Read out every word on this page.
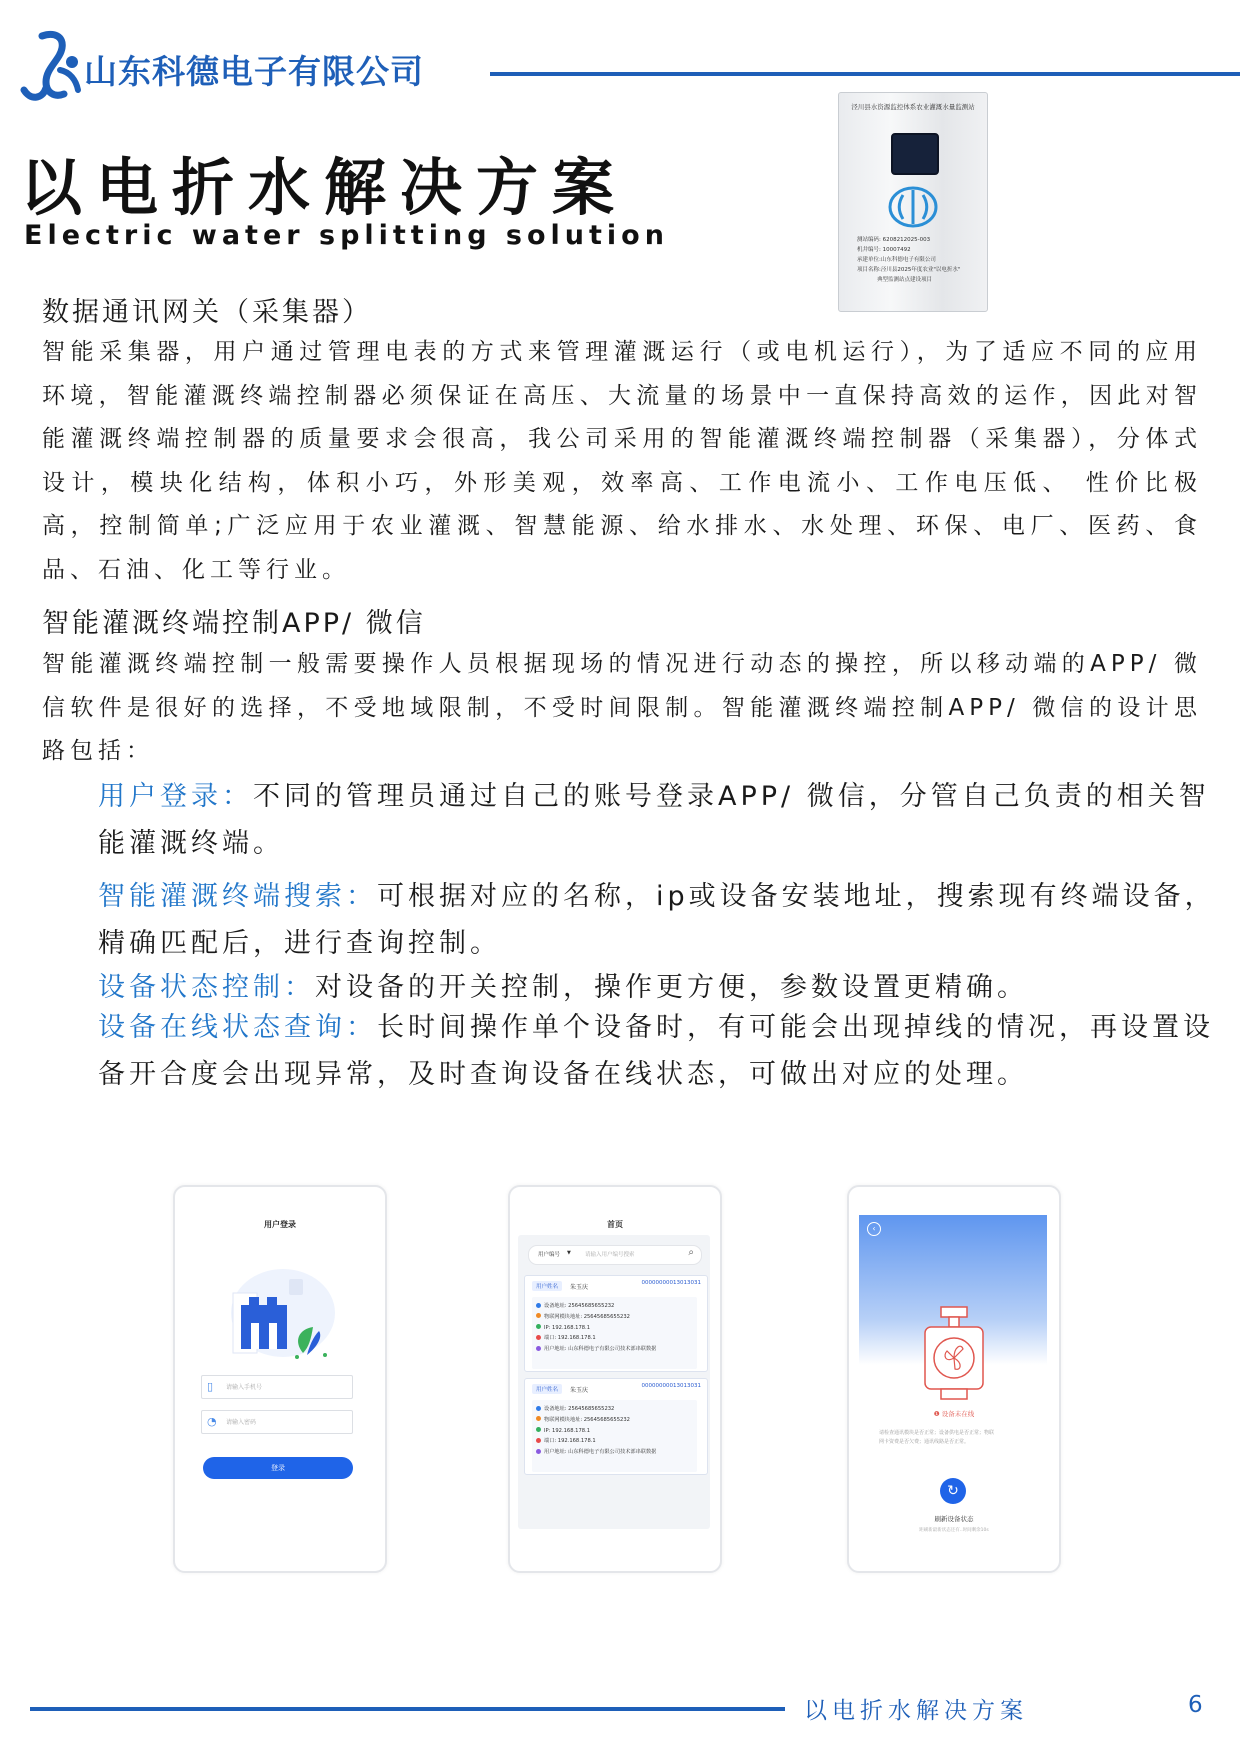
山东科德电子有限公司
以电折水解决方案
Electric water splitting solution
泾川县水资源监控体系农业灌溉水量监测站
测站编码: 6208212025-003
机井编号: 10007492
承建单位:山东科德电子有限公司
项目名称:泾川县2025年度农业"以电折水"
典型监测站点建设项目
数据通讯网关（采集器）
智能采集器，用户通过管理电表的方式来管理灌溉运行（或电机运行），为了适应不同的应用环境，智能灌溉终端控制器必须保证在高压、大流量的场景中一直保持高效的运作，因此对智能灌溉终端控制器的质量要求会很高，我公司采用的智能灌溉终端控制器（采集器），分体式设计，模块化结构，体积小巧，外形美观，效率高、工作电流小、工作电压低、 性价比极高，控制简单;广泛应用于农业灌溉、智慧能源、给水排水、水处理、环保、电厂、医药、食品、石油、化工等行业。
智能灌溉终端控制APP/ 微信
智能灌溉终端控制一般需要操作人员根据现场的情况进行动态的操控，所以移动端的APP/ 微信软件是很好的选择，不受地域限制，不受时间限制。智能灌溉终端控制APP/ 微信的设计思路包括：

用户登录：不同的管理员通过自己的账号登录APP/ 微信，分管自己负责的相关智能灌溉终端。

智能灌溉终端搜索：可根据对应的名称，ip或设备安装地址，搜索现有终端设备，精确匹配后，进行查询控制。

设备状态控制：对设备的开关控制，操作更方便，参数设置更精确。

设备在线状态查询：长时间操作单个设备时，有可能会出现掉线的情况，再设置设备开合度会出现异常，及时查询设备在线状态，可做出对应的处理。

用户登录
▯ 请输入手机号
◔ 请输入密码
登录
首页
用户编号 ▼	请输入用户编号搜索	⌕
用户姓名	朱玉庆
00000000013013031
设备地址: 25645685655232
物联网模块地址: 25645685655232
IP: 192.168.178.1
端口: 192.168.178.1
用户地址: 山东科德电子有限公司技术部串联数据
用户姓名	朱玉庆
00000000013013031
设备地址: 25645685655232
物联网模块地址: 25645685655232
IP: 192.168.178.1
端口: 192.168.178.1
用户地址: 山东科德电子有限公司技术部串联数据
‹
❶ 设备未在线
请检查通讯模块是否正常；设备供电是否正常；物联
网卡资费是否欠费；通讯线路是否正常。
↻
刷新设备状态
距刷新最新状态还有..时间剩余10s
以电折水解决方案	6
